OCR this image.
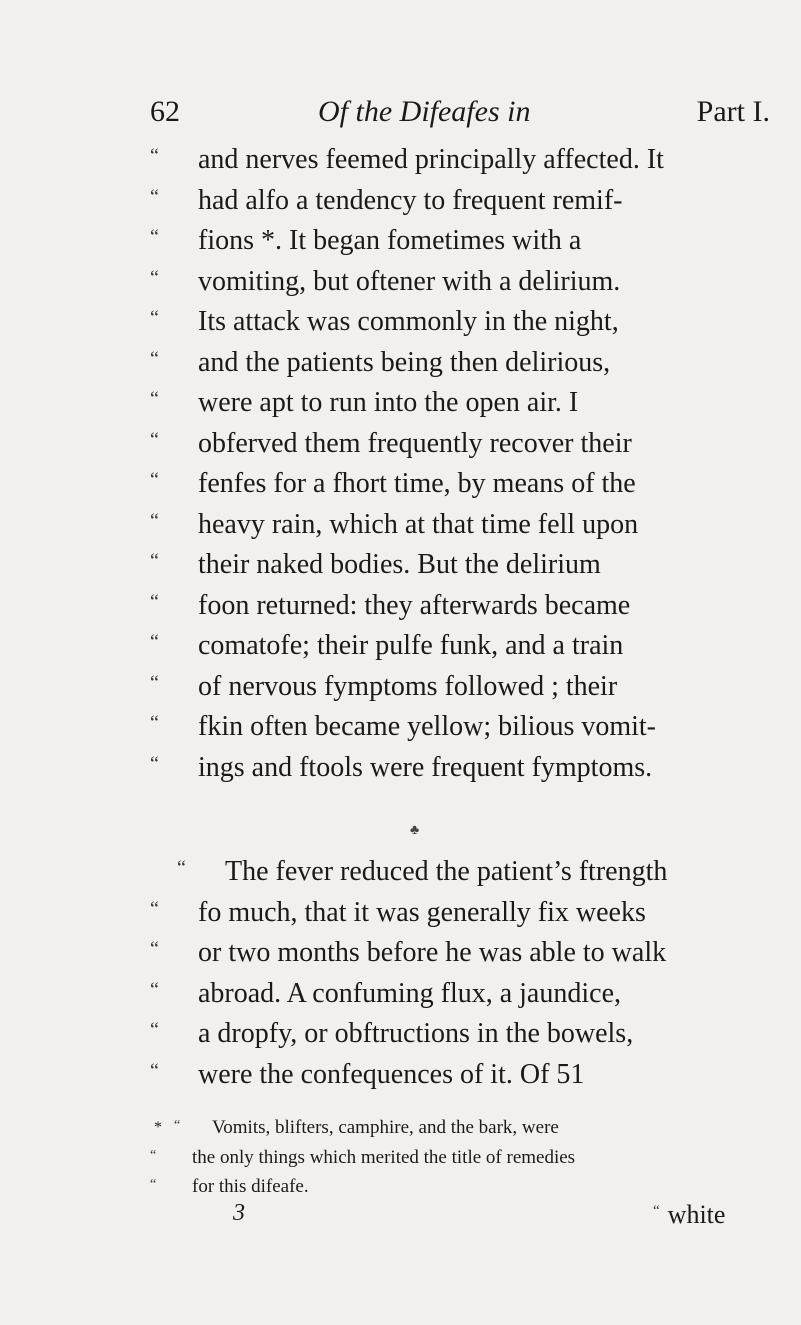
62	Of the Difeafes in	Part I.
“ and nerves feemed principally affected. It
“ had alfo a tendency to frequent remif-
“ fions *. It began fometimes with a
“ vomiting, but oftener with a delirium.
“ Its attack was commonly in the night,
“ and the patients being then delirious,
“ were apt to run into the open air. I
“ obferved them frequently recover their
“ fenfes for a fhort time, by means of the
“ heavy rain, which at that time fell upon
“ their naked bodies. But the delirium
“ foon returned: they afterwards became
“ comatofe; their pulfe funk, and a train
“ of nervous fymptoms followed ; their
“ fkin often became yellow; bilious vomit-
“ ings and ftools were frequent fymptoms.
♣
“ The fever reduced the patient’s ftrength
“ fo much, that it was generally fix weeks
“ or two months before he was able to walk
“ abroad. A confuming flux, a jaundice,
“ a dropfy, or obftructions in the bowels,
“ were the confequences of it. Of 51
* “ Vomits, blifters, camphire, and the bark, were
“ the only things which merited the title of remedies
“ for this difeafe.
3	“ white
